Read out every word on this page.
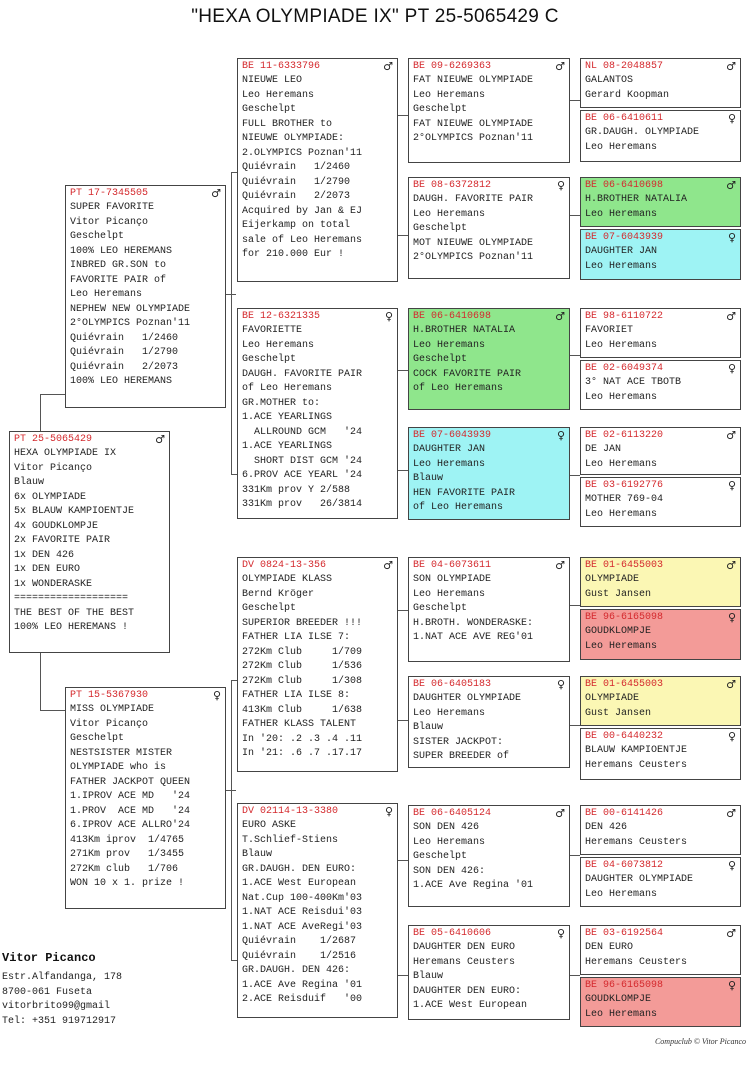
"HEXA OLYMPIADE IX" PT 25-5065429 C
PT 25-5065429	♂
HEXA OLYMPIADE IX
Vitor Picanço
Blauw
6x OLYMPIADE
5x BLAUW KAMPIOENTJE
4x GOUDKLOMPJE
2x FAVORITE PAIR
1x DEN 426
1x DEN EURO
1x WONDERASKE
===================
THE BEST OF THE BEST
100% LEO HEREMANS !
PT 17-7345505	♂
SUPER FAVORITE
Vitor Picanço
Geschelpt
100% LEO HEREMANS
INBRED GR.SON to
FAVORITE PAIR of
Leo Heremans
NEPHEW NEW OLYMPIADE
2°OLYMPICS Poznan'11
Quiévrain   1/2460
Quiévrain   1/2790
Quiévrain   2/2073
100% LEO HEREMANS
PT 15-5367930	♀
MISS OLYMPIADE
Vitor Picanço
Geschelpt
NESTSISTER MISTER
OLYMPIADE who is
FATHER JACKPOT QUEEN
1.IPROV ACE MD   '24
1.PROV  ACE MD   '24
6.IPROV ACE ALLRO'24
413Km iprov  1/4765
271Km prov   1/3455
272Km club   1/706
WON 10 x 1. prize !
BE 11-6333796	♂
NIEUWE LEO
Leo Heremans
Geschelpt
FULL BROTHER to
NIEUWE OLYMPIADE:
2.OLYMPICS Poznan'11
Quiévrain   1/2460
Quiévrain   1/2790
Quiévrain   2/2073
Acquired by Jan & EJ
Eijerkamp on total
sale of Leo Heremans
for 210.000 Eur !
BE 12-6321335	♀
FAVORIETTE
Leo Heremans
Geschelpt
DAUGH. FAVORITE PAIR
of Leo Heremans
GR.MOTHER to:
1.ACE YEARLINGS
ALLROUND GCM   '24
1.ACE YEARLINGS
SHORT DIST GCM '24
6.PROV ACE YEARL '24
331Km prov Y 2/588
331Km prov   26/3814
DV 0824-13-356	♂
OLYMPIADE KLASS
Bernd Kröger
Geschelpt
SUPERIOR BREEDER !!!
FATHER LIA ILSE 7:
272Km Club     1/709
272Km Club     1/536
272Km Club     1/308
FATHER LIA ILSE 8:
413Km Club     1/638
FATHER KLASS TALENT
In '20: .2 .3 .4 .11
In '21: .6 .7 .17.17
DV 02114-13-3380	♀
EURO ASKE
T.Schlief-Stiens
Blauw
GR.DAUGH. DEN EURO:
1.ACE West European
Nat.Cup 100-400Km'03
1.NAT ACE Reisdui'03
1.NAT ACE AveRegi'03
Quiévrain    1/2687
Quiévrain    1/2516
GR.DAUGH. DEN 426:
1.ACE Ave Regina '01
2.ACE Reisduif   '00
BE 09-6269363	♂
FAT NIEUWE OLYMPIADE
Leo Heremans
Geschelpt
FAT NIEUWE OLYMPIADE
2°OLYMPICS Poznan'11
BE 08-6372812	♀
DAUGH. FAVORITE PAIR
Leo Heremans
Geschelpt
MOT NIEUWE OLYMPIADE
2°OLYMPICS Poznan'11
BE 06-6410698	♂
H.BROTHER NATALIA
Leo Heremans
Geschelpt
COCK FAVORITE PAIR
of Leo Heremans
BE 07-6043939	♀
DAUGHTER JAN
Leo Heremans
Blauw
HEN FAVORITE PAIR
of Leo Heremans
BE 04-6073611	♂
SON OLYMPIADE
Leo Heremans
Geschelpt
H.BROTH. WONDERASKE:
1.NAT ACE AVE REG'01
BE 06-6405183	♀
DAUGHTER OLYMPIADE
Leo Heremans
Blauw
SISTER JACKPOT:
SUPER BREEDER of
BE 06-6405124	♂
SON DEN 426
Leo Heremans
Geschelpt
SON DEN 426:
1.ACE Ave Regina '01
BE 05-6410606	♀
DAUGHTER DEN EURO
Heremans Ceusters
Blauw
DAUGHTER DEN EURO:
1.ACE West European
NL 08-2048857	♂
GALANTOS
Gerard Koopman
BE 06-6410611	♀
GR.DAUGH. OLYMPIADE
Leo Heremans
BE 06-6410698	♂
H.BROTHER NATALIA
Leo Heremans
BE 07-6043939	♀
DAUGHTER JAN
Leo Heremans
BE 98-6110722	♂
FAVORIET
Leo Heremans
BE 02-6049374	♀
3° NAT ACE TBOTB
Leo Heremans
BE 02-6113220	♂
DE JAN
Leo Heremans
BE 03-6192776	♀
MOTHER 769-04
Leo Heremans
BE 01-6455003	♂
OLYMPIADE
Gust Jansen
BE 96-6165098	♀
GOUDKLOMPJE
Leo Heremans
BE 01-6455003	♂
OLYMPIADE
Gust Jansen
BE 00-6440232	♀
BLAUW KAMPIOENTJE
Heremans Ceusters
BE 00-6141426	♂
DEN 426
Heremans Ceusters
BE 04-6073812	♀
DAUGHTER OLYMPIADE
Leo Heremans
BE 03-6192564	♂
DEN EURO
Heremans Ceusters
BE 96-6165098	♀
GOUDKLOMPJE
Leo Heremans
Vitor Picanco
Estr.Alfandanga, 178
8700-061 Fuseta
vitorbrito99@gmail
Tel: +351 919712917
Compuclub © Vitor Picanco
